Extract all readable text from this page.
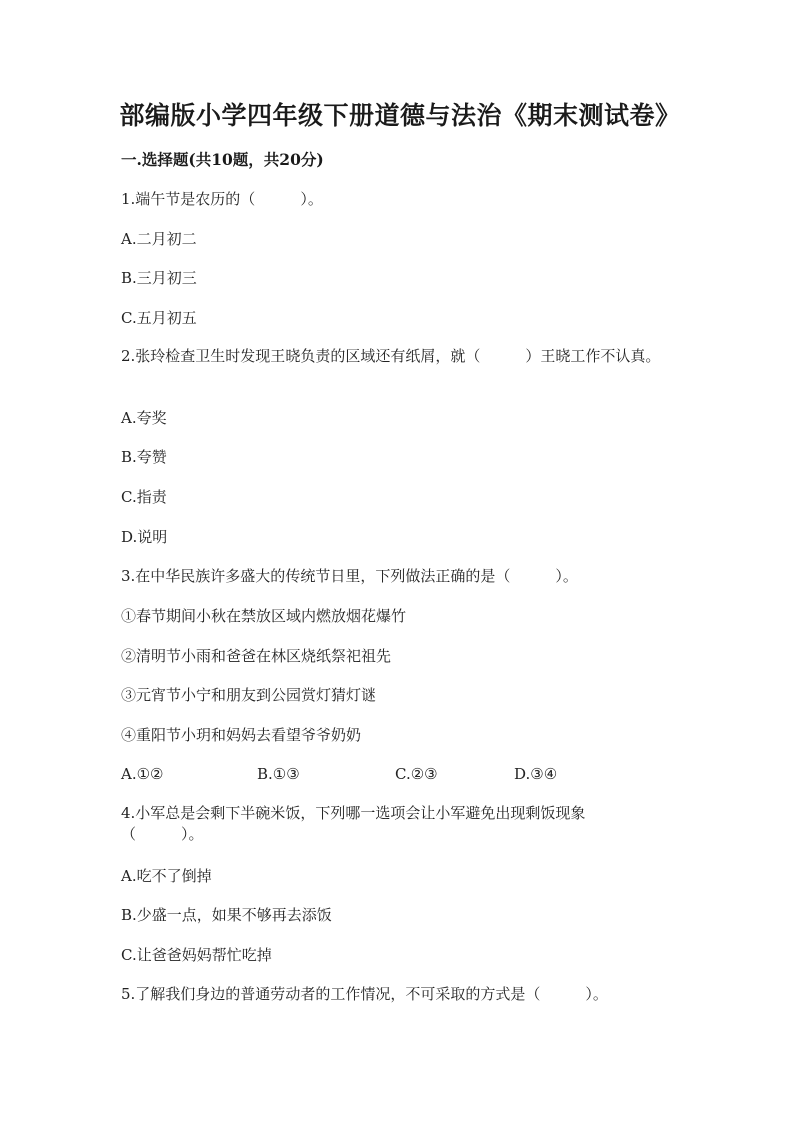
部编版小学四年级下册道德与法治《期末测试卷》
一.选择题(共10题，共20分)
1.端午节是农历的（　　　）。
A.二月初二
B.三月初三
C.五月初五
2.张玲检查卫生时发现王晓负责的区域还有纸屑，就（　　　）王晓工作不认真。
A.夸奖
B.夸赞
C.指责
D.说明
3.在中华民族许多盛大的传统节日里，下列做法正确的是（　　　）。
①春节期间小秋在禁放区域内燃放烟花爆竹
②清明节小雨和爸爸在林区烧纸祭祀祖先
③元宵节小宁和朋友到公园赏灯猜灯谜
④重阳节小玥和妈妈去看望爷爷奶奶
A.①②	B.①③	C.②③	D.③④
4.小军总是会剩下半碗米饭，下列哪一选项会让小军避免出现剩饭现象（　　　）。
A.吃不了倒掉
B.少盛一点，如果不够再去添饭
C.让爸爸妈妈帮忙吃掉
5.了解我们身边的普通劳动者的工作情况，不可采取的方式是（　　　）。
